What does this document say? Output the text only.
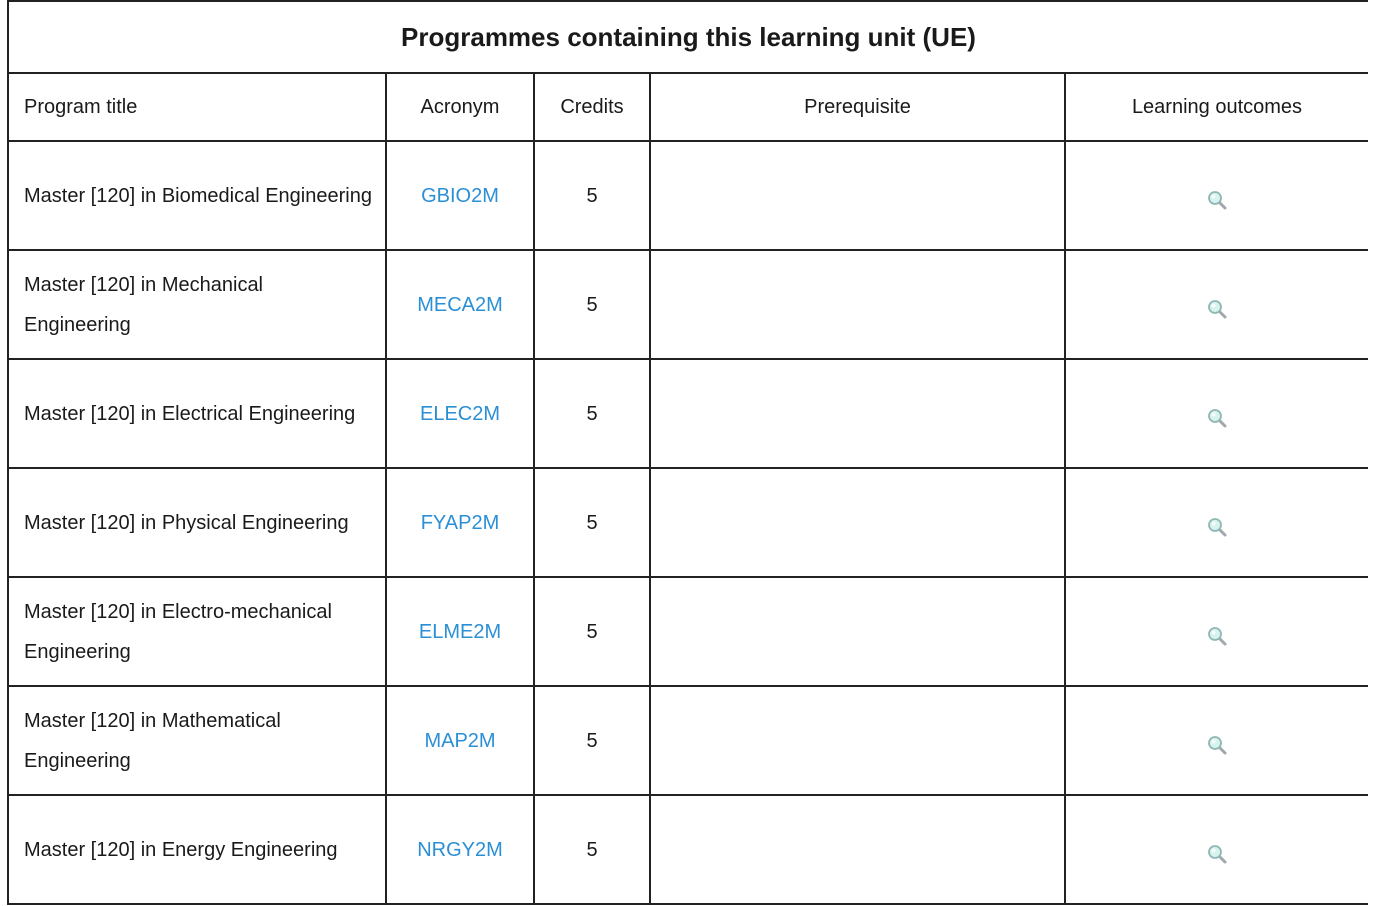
Programmes containing this learning unit (UE)				
Program title	Acronym	Credits	Prerequisite	Learning outcomes
Master [120] in Biomedical Engineering	GBIO2M	5		
Master [120] in Mechanical Engineering	MECA2M	5		
Master [120] in Electrical Engineering	ELEC2M	5		
Master [120] in Physical Engineering	FYAP2M	5		
Master [120] in Electro-mechanical Engineering	ELME2M	5		
Master [120] in Mathematical Engineering	MAP2M	5		
Master [120] in Energy Engineering	NRGY2M	5		
